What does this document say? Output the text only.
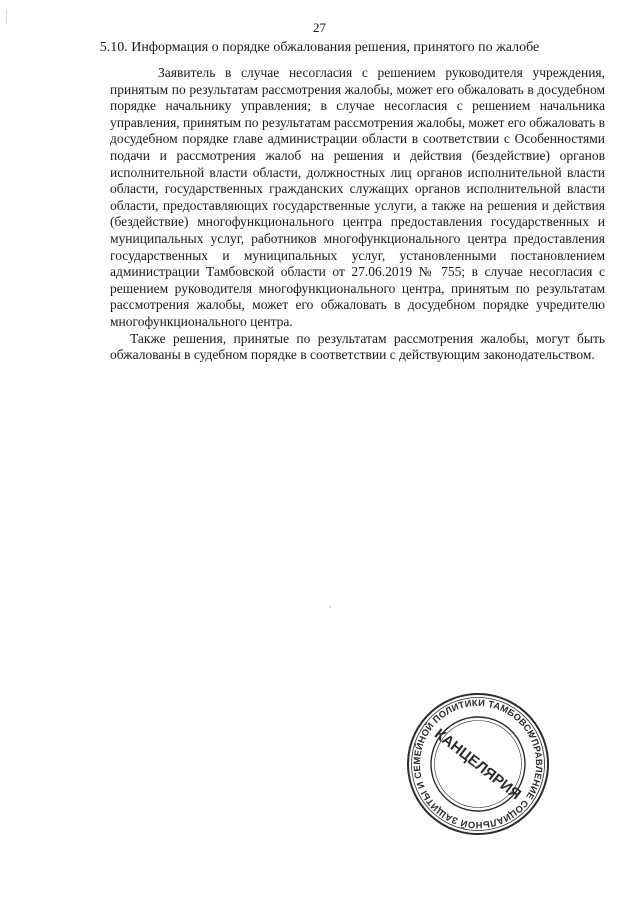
27
5.10. Информация о порядке обжалования решения, принятого по жалобе

Заявитель в случае несогласия с решением руководителя учреждения, принятым по результатам рассмотрения жалобы, может его обжаловать в досудебном порядке начальнику управления; в случае несогласия с решением начальника управления, принятым по результатам рассмотрения жалобы, может его обжаловать в досудебном порядке главе администрации области в соответствии с Особенностями подачи и рассмотрения жалоб на решения и действия (бездействие) органов исполнительной власти области, должностных лиц органов исполнительной власти области, государственных гражданских служащих органов исполнительной власти области, предоставляющих государственные услуги, а также на решения и действия (бездействие) многофункционального центра предоставления государственных и муниципальных услуг, работников многофункционального центра предоставления государственных и муниципальных услуг, установленными постановлением администрации Тамбовской области от 27.06.2019 № 755; в случае несогласия с решением руководителя многофункционального центра, принятым по результатам рассмотрения жалобы, может его обжаловать в досудебном порядке учредителю многофункционального центра.

Также решения, принятые по результатам рассмотрения жалобы, могут быть обжалованы в судебном порядке в соответствии с действующим законодательством.

УПРАВЛЕНИЕ СОЦИАЛЬНОЙ ЗАЩИТЫ И СЕМЕЙНОЙ ПОЛИТИКИ ТАМБОВСКОЙ
КАНЦЕЛЯРИЯ
